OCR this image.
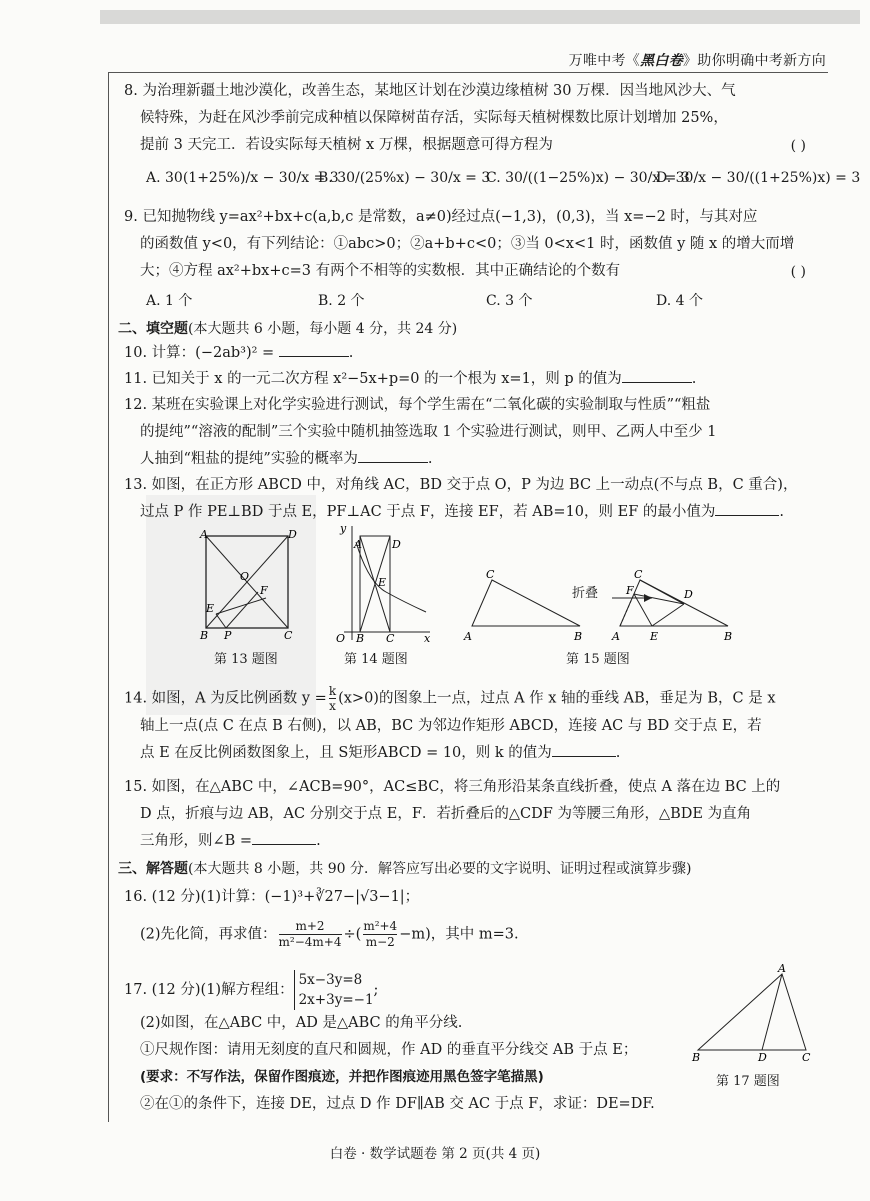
万唯中考《黑白卷》助你明确中考新方向
8. 为治理新疆土地沙漠化，改善生态，某地区计划在沙漠边缘植树 30 万棵．因当地风沙大、气
候特殊，为赶在风沙季前完成种植以保障树苗存活，实际每天植树棵数比原计划增加 25%，
提前 3 天完工．若设实际每天植树 x 万棵，根据题意可得方程为	( )
A. 30(1+25%)/x − 30/x = 3
B. 30/(25%x) − 30/x = 3
C. 30/((1−25%)x) − 30/x = 3
D. 30/x − 30/((1+25%)x) = 3
9. 已知抛物线 y=ax²+bx+c(a,b,c 是常数，a≠0)经过点(−1,3)，(0,3)，当 x=−2 时，与其对应
的函数值 y<0，有下列结论：①abc>0；②a+b+c<0；③当 0<x<1 时，函数值 y 随 x 的增大而增
大；④方程 ax²+bx+c=3 有两个不相等的实数根．其中正确结论的个数有	( )
A. 1 个	B. 2 个	C. 3 个	D. 4 个
二、填空题(本大题共 6 小题，每小题 4 分，共 24 分)
10. 计算：(−2ab³)² =	.
11. 已知关于 x 的一元二次方程 x²−5x+p=0 的一个根为 x=1，则 p 的值为	.
12. 某班在实验课上对化学实验进行测试，每个学生需在“二氧化碳的实验制取与性质”“粗盐
的提纯”“溶液的配制”三个实验中随机抽签选取 1 个实验进行测试，则甲、乙两人中至少 1
人抽到“粗盐的提纯”实验的概率为	.
13. 如图，在正方形 ABCD 中，对角线 AC，BD 交于点 O，P 为边 BC 上一动点(不与点 B，C 重合)，
过点 P 作 PE⊥BD 于点 E，PF⊥AC 于点 F，连接 EF，若 AB=10，则 EF 的最小值为	.
A	D
O
F
E
B P	C
第 13 题图
y
A	D
E
O B C	x
第 14 题图
A
C
B	A
C
F	D
E	B
折叠
第 15 题图
14. 如图，A 为反比例函数 $y = \frac{k}{x} (x>0)$的图象上一点，过点 A 作 x 轴的垂线 AB，垂足为 B，C 是 x
轴上一点(点 C 在点 B 右侧)，以 AB，BC 为邻边作矩形 ABCD，连接 AC 与 BD 交于点 E，若
点 E 在反比例函数图象上，且 S矩形ABCD = 10，则 k 的值为	.
15. 如图，在△ABC 中，∠ACB=90°，AC≤BC，将三角形沿某条直线折叠，使点 A 落在边 BC 上的
D 点，折痕与边 AB，AC 分别交于点 E，F．若折叠后的△CDF 为等腰三角形，△BDE 为直角
三角形，则∠B =	.
三、解答题(本大题共 8 小题，共 90 分．解答应写出必要的文字说明、证明过程或演算步骤)
16. (12 分)(1)计算：(−1)³+∛27−|√3−1|；
(2)先化简，再求值： $\frac{m+2}{\text{m²−4m+4}}$ ÷( $\frac{\text{m²+4}}{m-2} -m$)，其中 m=3.
17. (12 分)(1)解方程组：
5x−3y=8
2x+3y=−1
;
(2)如图，在△ABC 中，AD 是△ABC 的角平分线.
①尺规作图：请用无刻度的直尺和圆规，作 AD 的垂直平分线交 AB 于点 E；
(要求：不写作法，保留作图痕迹，并把作图痕迹用黑色签字笔描黑)
②在①的条件下，连接 DE，过点 D 作 DF∥AB 交 AC 于点 F，求证：DE=DF.
A
B	D	C
第 17 题图
白卷 · 数学试题卷 第 2 页(共 4 页)
